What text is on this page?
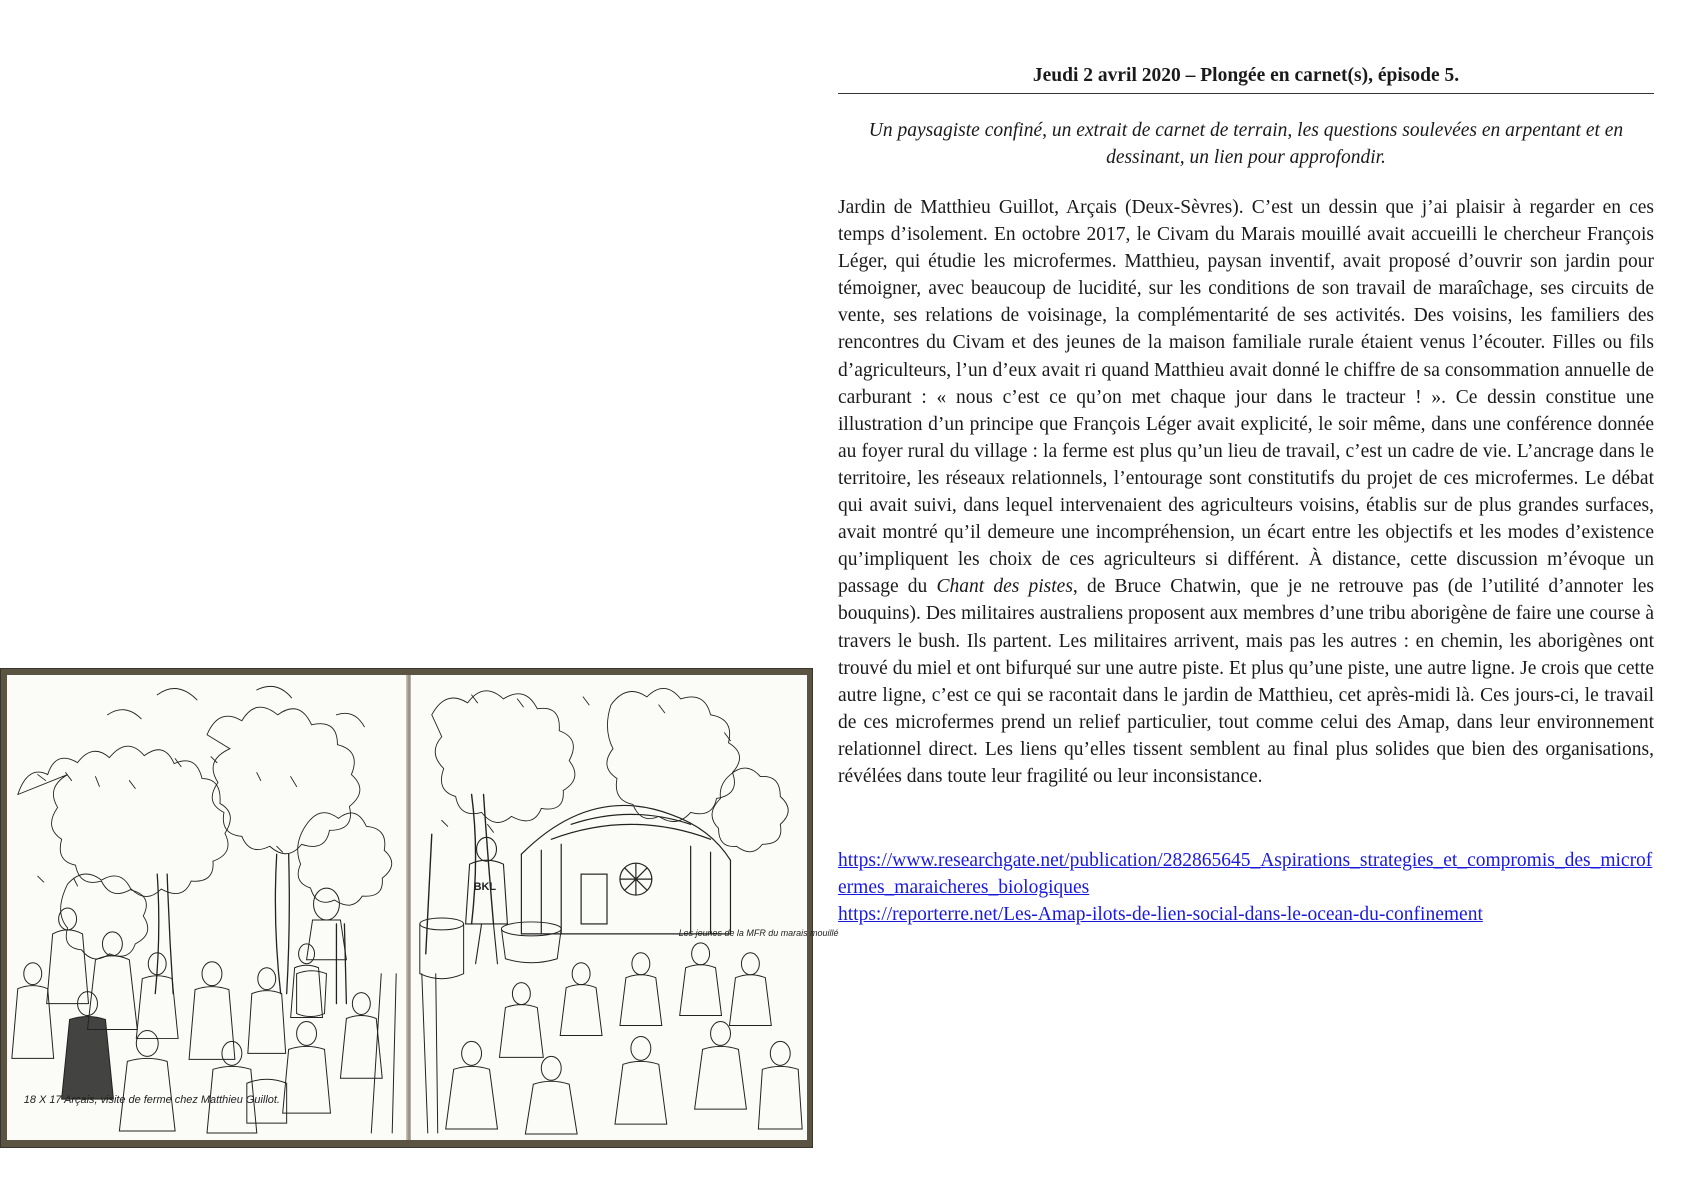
18 X 17 Arçais, visite de ferme chez Matthieu Guillot.
BKL
Les jeunes de la MFR du marais mouillé
Jeudi 2 avril 2020 – Plongée en carnet(s), épisode 5.

Un paysagiste confiné, un extrait de carnet de terrain, les questions soulevées en arpentant et en dessinant, un lien pour approfondir.

Jardin de Matthieu Guillot, Arçais (Deux-Sèvres). C’est un dessin que j’ai plaisir à regarder en ces temps d’isolement. En octobre 2017, le Civam du Marais mouillé avait accueilli le chercheur François Léger, qui étudie les microfermes. Matthieu, paysan inventif, avait proposé d’ouvrir son jardin pour témoigner, avec beaucoup de lucidité, sur les conditions de son travail de maraîchage, ses circuits de vente, ses relations de voisinage, la complémentarité de ses activités. Des voisins, les familiers des rencontres du Civam et des jeunes de la maison familiale rurale étaient venus l’écouter. Filles ou fils d’agriculteurs, l’un d’eux avait ri quand Matthieu avait donné le chiffre de sa consommation annuelle de carburant : « nous c’est ce qu’on met chaque jour dans le tracteur ! ». Ce dessin constitue une illustration d’un principe que François Léger avait explicité, le soir même, dans une conférence donnée au foyer rural du village : la ferme est plus qu’un lieu de travail, c’est un cadre de vie. L’ancrage dans le territoire, les réseaux relationnels, l’entourage sont constitutifs du projet de ces microfermes. Le débat qui avait suivi, dans lequel intervenaient des agriculteurs voisins, établis sur de plus grandes surfaces, avait montré qu’il demeure une incompréhension, un écart entre les objectifs et les modes d’existence qu’impliquent les choix de ces agriculteurs si différent. À distance, cette discussion m’évoque un passage du Chant des pistes, de Bruce Chatwin, que je ne retrouve pas (de l’utilité d’annoter les bouquins). Des militaires australiens proposent aux membres d’une tribu aborigène de faire une course à travers le bush. Ils partent. Les militaires arrivent, mais pas les autres : en chemin, les aborigènes ont trouvé du miel et ont bifurqué sur une autre piste. Et plus qu’une piste, une autre ligne. Je crois que cette autre ligne, c’est ce qui se racontait dans le jardin de Matthieu, cet après-midi là. Ces jours-ci, le travail de ces microfermes prend un relief particulier, tout comme celui des Amap, dans leur environnement relationnel direct. Les liens qu’elles tissent semblent au final plus solides que bien des organisations, révélées dans toute leur fragilité ou leur inconsistance.

https://www.researchgate.net/publication/282865645_Aspirations_strategies_et_compromis_des_microfermes_maraicheres_biologiques
https://reporterre.net/Les-Amap-ilots-de-lien-social-dans-le-ocean-du-confinement
